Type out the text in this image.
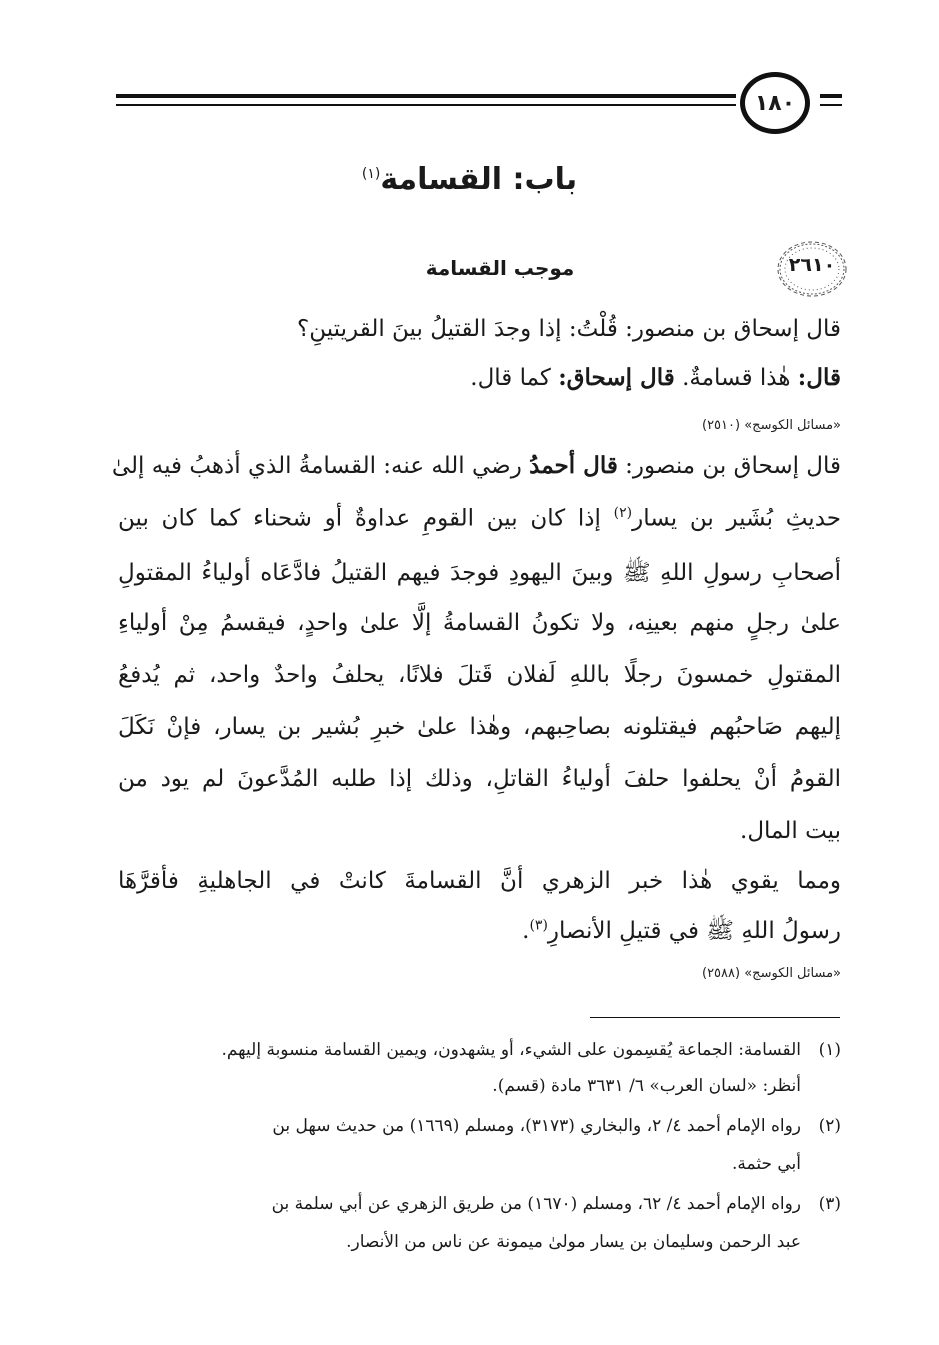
١٨٠
باب: القسامة$^{(١)}$
٢٦١٠
موجب القسامة
قال إسحاق بن منصور: قُلْتُ: إذا وجدَ القتيلُ بينَ القريتينِ؟
قال: هٰذا قسامةٌ. قال إسحاق: كما قال.
«مسائل الكوسج» (٢٥١٠)
قال إسحاق بن منصور: قال أحمدُ رضي الله عنه: القسامةُ الذي أذهبُ فيه إلىٰ
حديثِ بُشَير بن يسار$^{(٢)}$ إذا كان بين القومِ عداوةٌ أو شحناء كما كان بين
أصحابِ رسولِ اللهِ ﷺ وبينَ اليهودِ فوجدَ فيهم القتيلُ فادَّعَاه أولياءُ المقتولِ
علىٰ رجلٍ منهم بعينِه، ولا تكونُ القسامةُ إلَّا علىٰ واحدٍ، فيقسمُ مِنْ أولياءِ
المقتولِ خمسونَ رجلًا باللهِ لَفلان قَتلَ فلانًا، يحلفُ واحدٌ واحد، ثم يُدفعُ
إليهم صَاحبُهم فيقتلونه بصاحِبهم، وهٰذا علىٰ خبرِ بُشير بن يسار، فإنْ نَكَلَ
القومُ أنْ يحلفوا حلفَ أولياءُ القاتلِ، وذلك إذا طلبه المُدَّعونَ لم يود من
بيت المال.
ومما يقوي هٰذا خبر الزهري أنَّ القسامةَ كانتْ في الجاهليةِ فأقرَّهَا
رسولُ اللهِ ﷺ في قتيلِ الأنصارِ$^{(٣)}$.
«مسائل الكوسج» (٢٥٨٨)
(١)
القسامة: الجماعة يُقسِمون على الشيء، أو يشهدون، ويمين القسامة منسوبة إليهم.
أنظر: «لسان العرب» ٦/ ٣٦٣١ مادة (قسم).
(٢)
رواه الإمام أحمد ٤/ ٢، والبخاري (٣١٧٣)، ومسلم (١٦٦٩) من حديث سهل بن
أبي حثمة.
(٣)
رواه الإمام أحمد ٤/ ٦٢، ومسلم (١٦٧٠) من طريق الزهري عن أبي سلمة بن
عبد الرحمن وسليمان بن يسار مولىٰ ميمونة عن ناس من الأنصار.
